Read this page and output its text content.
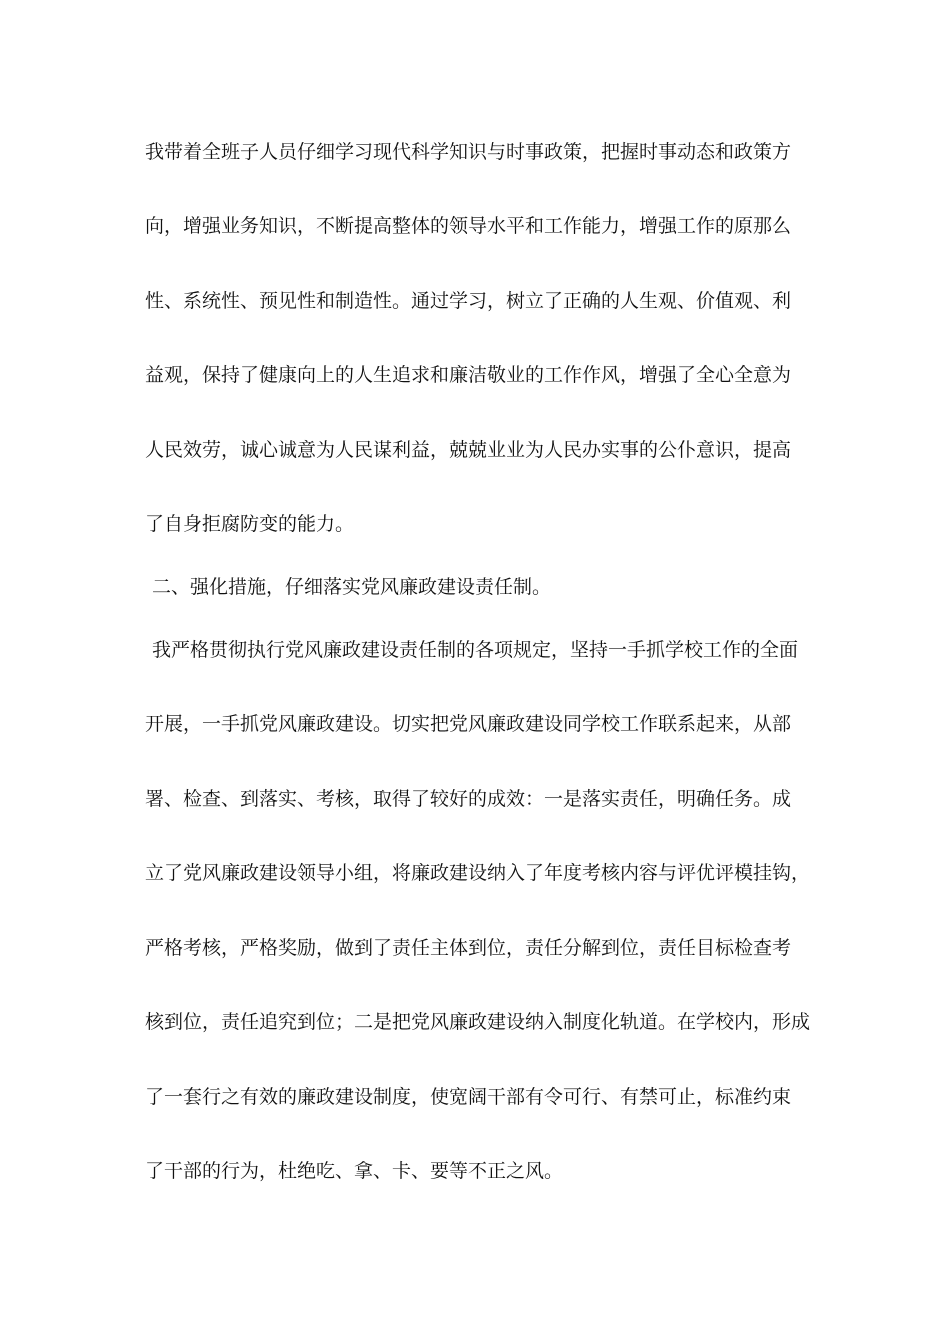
我带着全班子人员仔细学习现代科学知识与时事政策，把握时事动态和政策方
向，增强业务知识，不断提高整体的领导水平和工作能力，增强工作的原那么
性、系统性、预见性和制造性。通过学习，树立了正确的人生观、价值观、利
益观，保持了健康向上的人生追求和廉洁敬业的工作作风，增强了全心全意为
人民效劳，诚心诚意为人民谋利益，兢兢业业为人民办实事的公仆意识，提高
了自身拒腐防变的能力。
二、强化措施，仔细落实党风廉政建设责任制。
我严格贯彻执行党风廉政建设责任制的各项规定，坚持一手抓学校工作的全面
开展，一手抓党风廉政建设。切实把党风廉政建设同学校工作联系起来，从部
署、检查、到落实、考核，取得了较好的成效：一是落实责任，明确任务。成
立了党风廉政建设领导小组，将廉政建设纳入了年度考核内容与评优评模挂钩，
严格考核，严格奖励，做到了责任主体到位，责任分解到位，责任目标检查考
核到位，责任追究到位；二是把党风廉政建设纳入制度化轨道。在学校内，形成
了一套行之有效的廉政建设制度，使宽阔干部有令可行、有禁可止，标准约束
了干部的行为，杜绝吃、拿、卡、要等不正之风。
